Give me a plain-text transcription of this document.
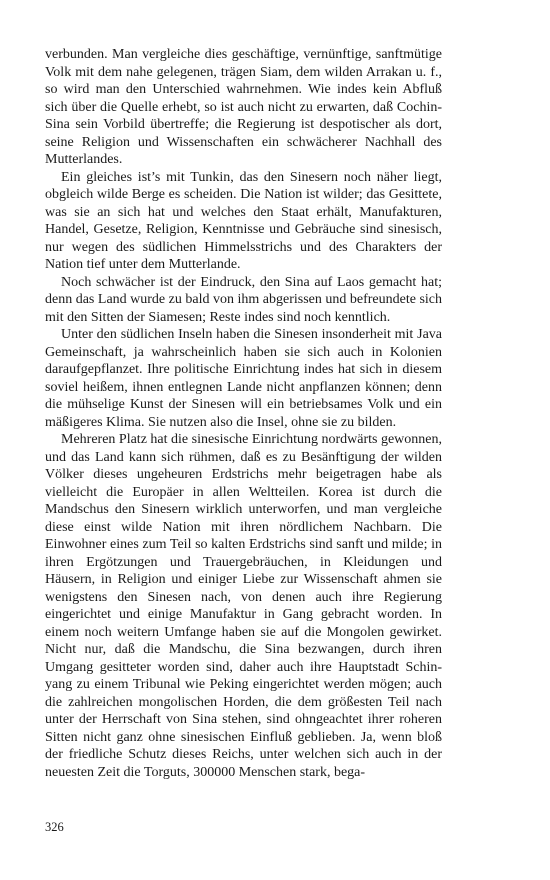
verbunden. Man vergleiche dies geschäftige, vernünftige, sanftmütige Volk mit dem nahe gelegenen, trägen Siam, dem wilden Arrakan u. f., so wird man den Unterschied wahrnehmen. Wie indes kein Abfluß sich über die Quelle erhebt, so ist auch nicht zu erwarten, daß Cochin-Sina sein Vorbild übertreffe; die Regierung ist despotischer als dort, seine Religion und Wissenschaften ein schwächerer Nachhall des Mutterlandes.

Ein gleiches ist’s mit Tunkin, das den Sinesern noch näher liegt, obgleich wilde Berge es scheiden. Die Nation ist wilder; das Gesittete, was sie an sich hat und welches den Staat erhält, Manufakturen, Handel, Gesetze, Religion, Kenntnisse und Gebräuche sind sinesisch, nur wegen des südlichen Himmelsstrichs und des Charakters der Nation tief unter dem Mutterlande.

Noch schwächer ist der Eindruck, den Sina auf Laos gemacht hat; denn das Land wurde zu bald von ihm abgerissen und befreundete sich mit den Sitten der Siamesen; Reste indes sind noch kenntlich.

Unter den südlichen Inseln haben die Sinesen insonderheit mit Java Gemeinschaft, ja wahrscheinlich haben sie sich auch in Kolonien daraufgepflanzet. Ihre politische Einrichtung indes hat sich in diesem soviel heißem, ihnen entlegnen Lande nicht anpflanzen können; denn die mühselige Kunst der Sinesen will ein betriebsames Volk und ein mäßigeres Klima. Sie nutzen also die Insel, ohne sie zu bilden.

Mehreren Platz hat die sinesische Einrichtung nordwärts gewonnen, und das Land kann sich rühmen, daß es zu Besänftigung der wilden Völker dieses ungeheuren Erdstrichs mehr beigetragen habe als vielleicht die Europäer in allen Weltteilen. Korea ist durch die Mandschus den Sinesern wirklich unterworfen, und man vergleiche diese einst wilde Nation mit ihren nördlichem Nachbarn. Die Einwohner eines zum Teil so kalten Erdstrichs sind sanft und milde; in ihren Ergötzungen und Trauergebräuchen, in Kleidungen und Häusern, in Religion und einiger Liebe zur Wissenschaft ahmen sie wenigstens den Sinesen nach, von denen auch ihre Regierung eingerichtet und einige Manufaktur in Gang gebracht worden. In einem noch weitern Umfange haben sie auf die Mongolen gewirket. Nicht nur, daß die Mandschu, die Sina bezwangen, durch ihren Umgang gesitteter worden sind, daher auch ihre Hauptstadt Schin-yang zu einem Tribunal wie Peking eingerichtet werden mögen; auch die zahlreichen mongolischen Horden, die dem größesten Teil nach unter der Herrschaft von Sina stehen, sind ohngeachtet ihrer roheren Sitten nicht ganz ohne sinesischen Einfluß geblieben. Ja, wenn bloß der friedliche Schutz dieses Reichs, unter welchen sich auch in der neuesten Zeit die Torguts, 300000 Menschen stark, bega-

326
